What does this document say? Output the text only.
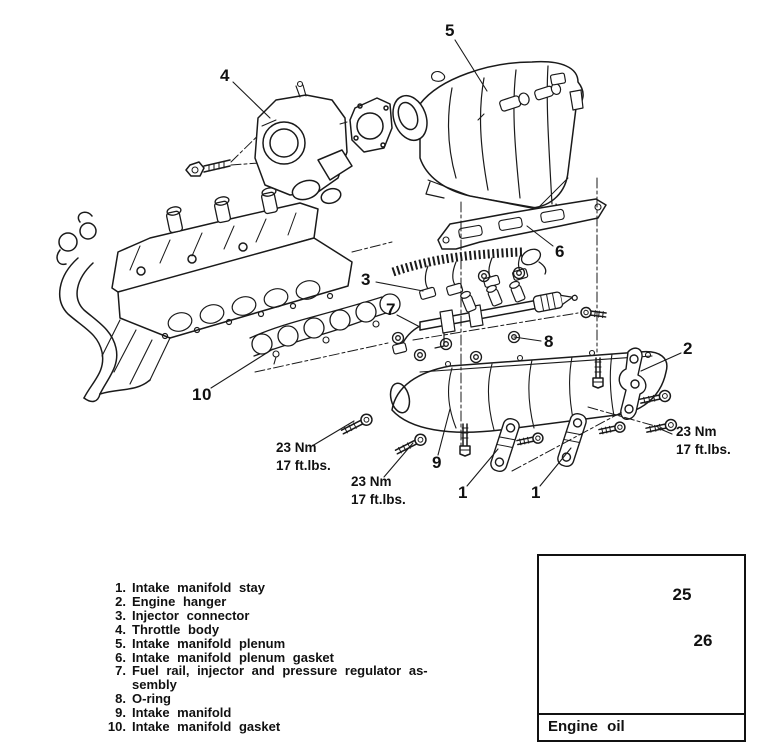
4
5
6
3
7
8	2
10
9
1	1
23 Nm
17 ft.lbs.
23 Nm
17 ft.lbs.
23 Nm
17 ft.lbs.
1. Intake manifold stay
2. Engine hanger
3. Injector connector
4. Throttle body
5. Intake manifold plenum
6. Intake manifold plenum gasket
7. Fuel rail, injector and pressure regulator as-
sembly
8. O-ring
9. Intake manifold
10. Intake manifold gasket	Engine oil
25
26
